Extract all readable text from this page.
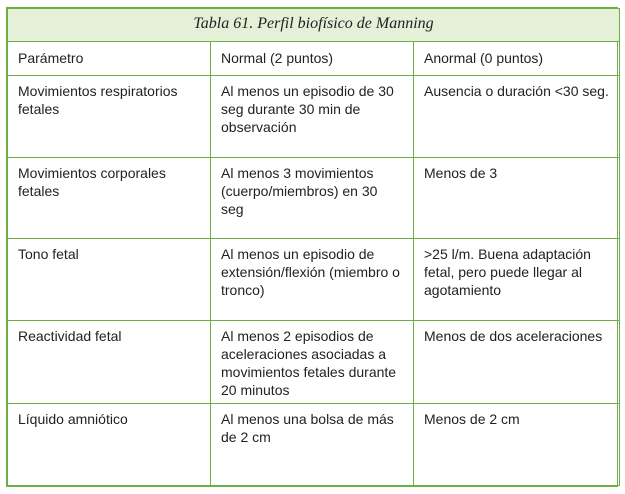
Tabla 61. Perfil biofísico de Manning		
Parámetro	Normal (2 puntos)	Anormal (0 puntos)
Movimientos respiratorios fetales	Al menos un episodio de 30 seg durante 30 min de observación	Ausencia o duración <30 seg.
Movimientos corporales fetales	Al menos 3 movimientos (cuerpo/miembros) en 30 seg	Menos de 3
Tono fetal	Al menos un episodio de extensión/flexión (miembro o tronco)	>25 l/m. Buena adaptación fetal, pero puede llegar al agotamiento
Reactividad fetal	Al menos 2 episodios de aceleraciones asociadas a movimientos fetales durante 20 minutos	Menos de dos aceleraciones
Líquido amniótico	Al menos una bolsa de más de 2 cm	Menos de 2 cm
